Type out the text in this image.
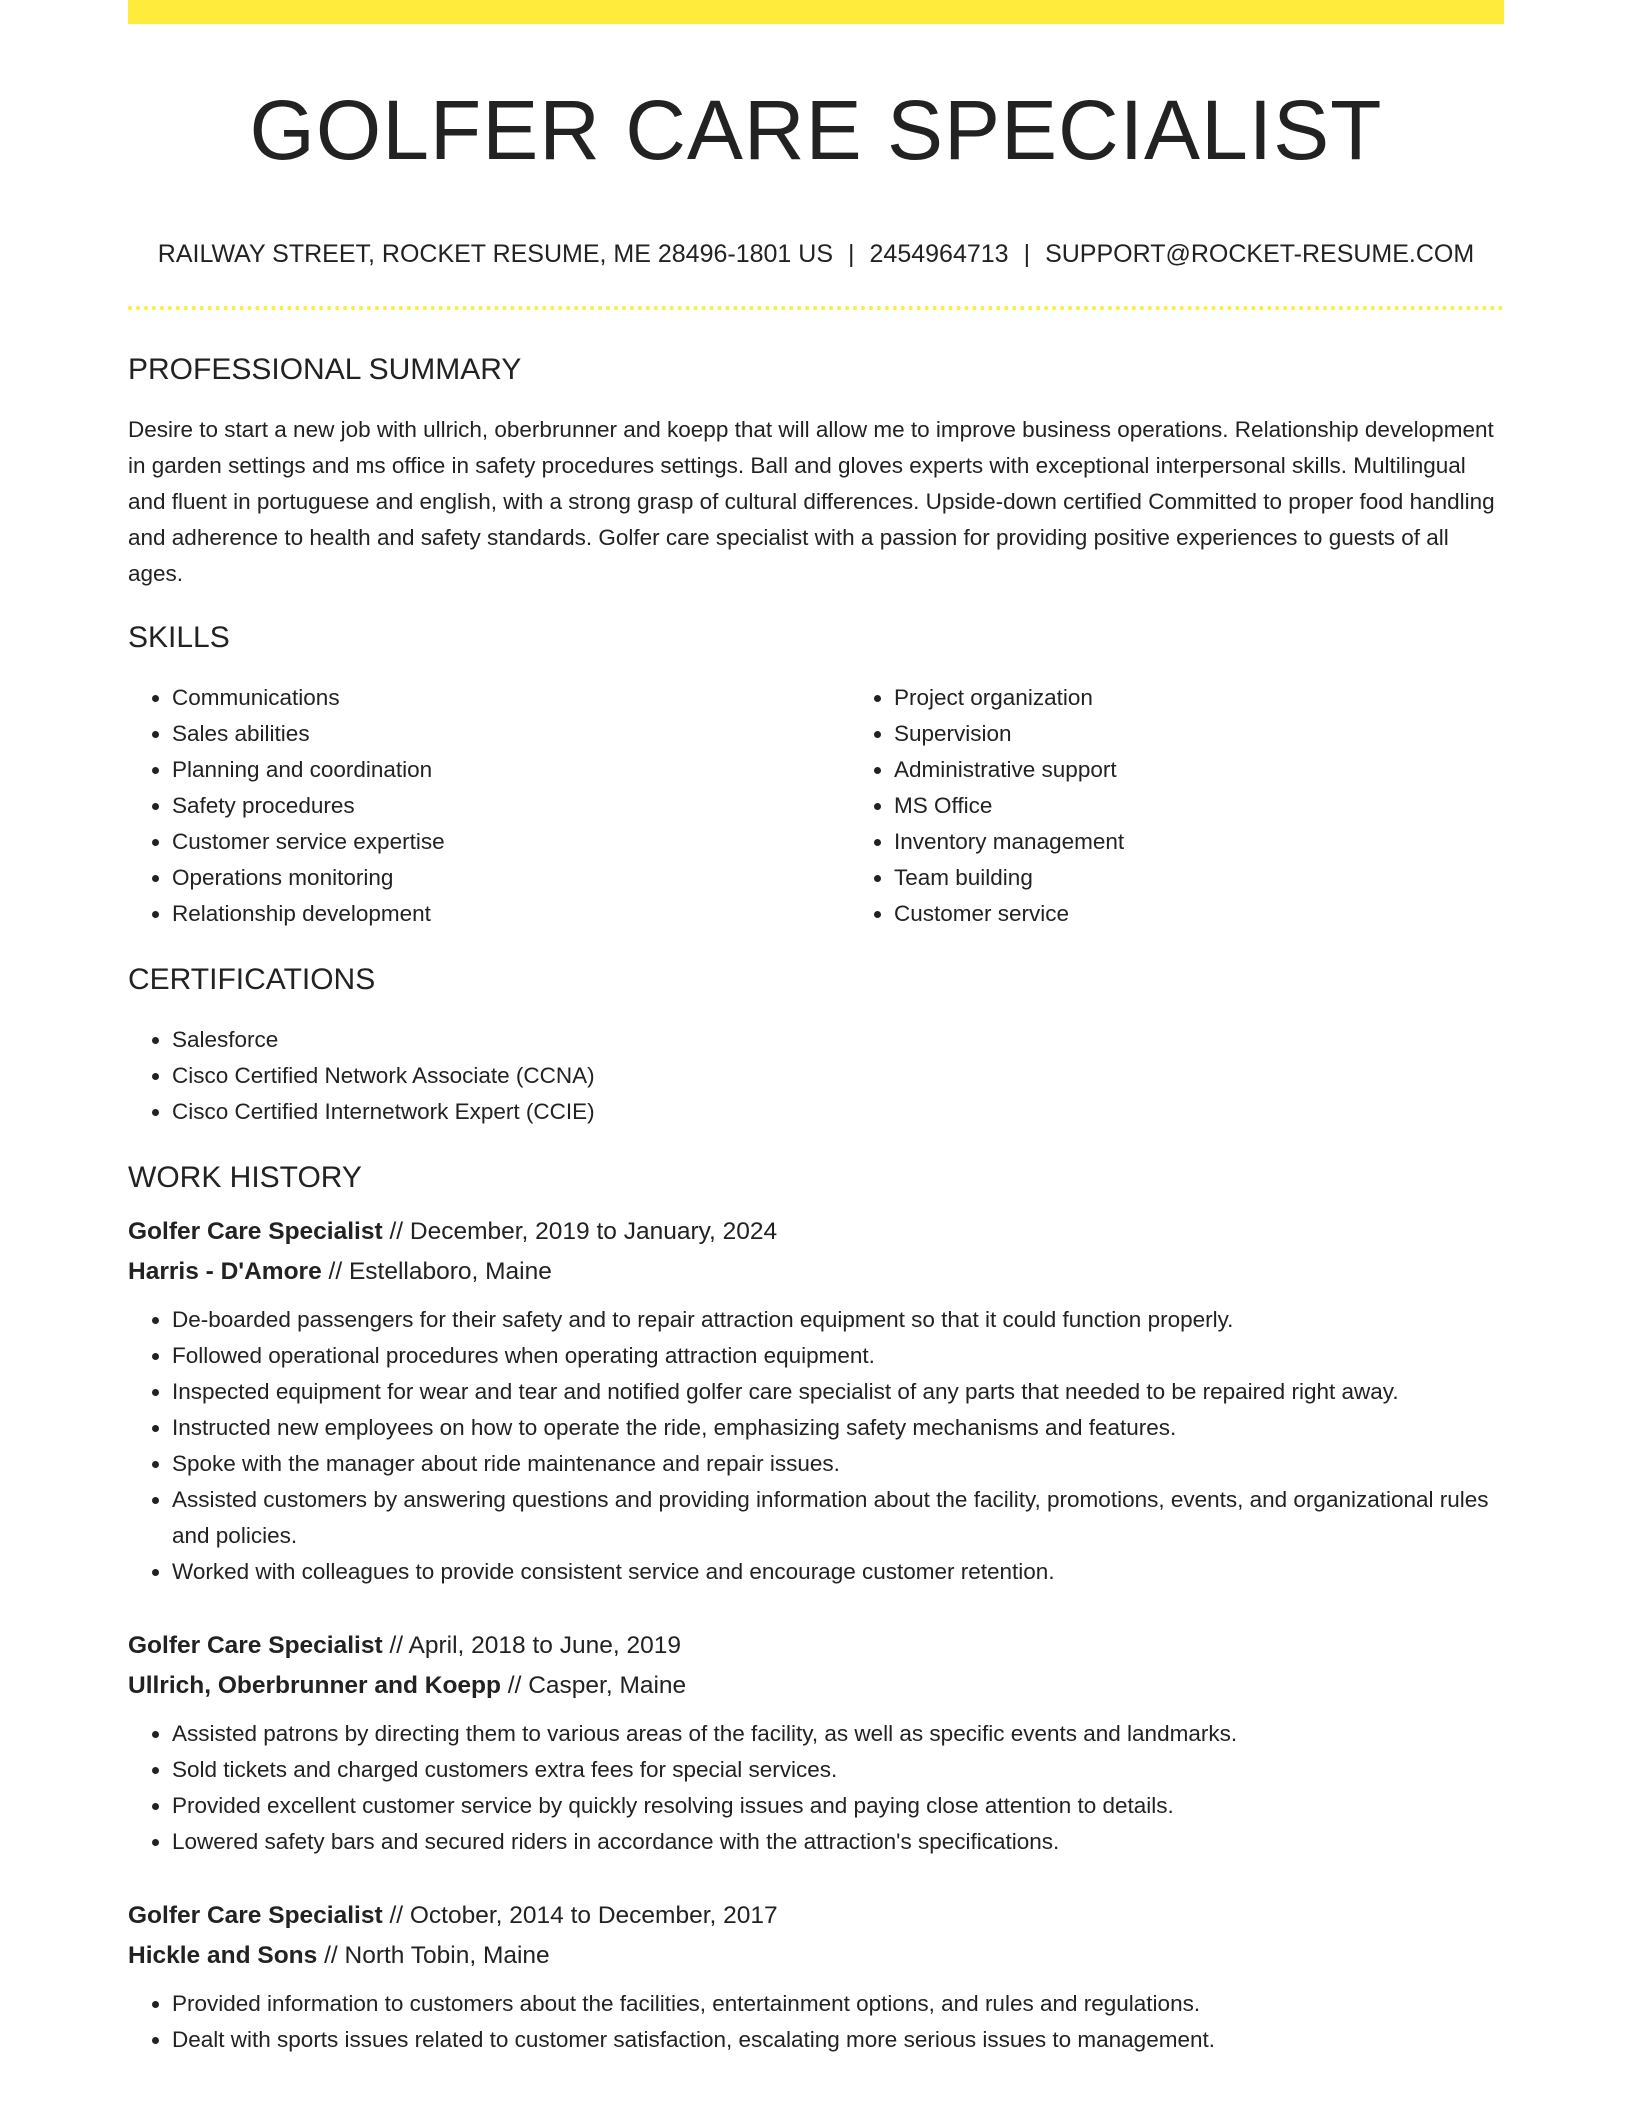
GOLFER CARE SPECIALIST
RAILWAY STREET, ROCKET RESUME, ME 28496-1801 US | 2454964713 | SUPPORT@ROCKET-RESUME.COM
PROFESSIONAL SUMMARY

Desire to start a new job with ullrich, oberbrunner and koepp that will allow me to improve business operations. Relationship development in garden settings and ms office in safety procedures settings. Ball and gloves experts with exceptional interpersonal skills. Multilingual and fluent in portuguese and english, with a strong grasp of cultural differences. Upside-down certified Committed to proper food handling and adherence to health and safety standards. Golfer care specialist with a passion for providing positive experiences to guests of all ages.

SKILLS
• Communications
• Sales abilities
• Planning and coordination
• Safety procedures
• Customer service expertise
• Operations monitoring
• Relationship development
• Project organization
• Supervision
• Administrative support
• MS Office
• Inventory management
• Team building
• Customer service
CERTIFICATIONS
• Salesforce
• Cisco Certified Network Associate (CCNA)
• Cisco Certified Internetwork Expert (CCIE)
WORK HISTORY
Golfer Care Specialist // December, 2019 to January, 2024
Harris - D'Amore // Estellaboro, Maine
• De-boarded passengers for their safety and to repair attraction equipment so that it could function properly.
• Followed operational procedures when operating attraction equipment.
• Inspected equipment for wear and tear and notified golfer care specialist of any parts that needed to be repaired right away.
• Instructed new employees on how to operate the ride, emphasizing safety mechanisms and features.
• Spoke with the manager about ride maintenance and repair issues.
• Assisted customers by answering questions and providing information about the facility, promotions, events, and organizational rules and policies.
• Worked with colleagues to provide consistent service and encourage customer retention.
Golfer Care Specialist // April, 2018 to June, 2019
Ullrich, Oberbrunner and Koepp // Casper, Maine
• Assisted patrons by directing them to various areas of the facility, as well as specific events and landmarks.
• Sold tickets and charged customers extra fees for special services.
• Provided excellent customer service by quickly resolving issues and paying close attention to details.
• Lowered safety bars and secured riders in accordance with the attraction's specifications.
Golfer Care Specialist // October, 2014 to December, 2017
Hickle and Sons // North Tobin, Maine
• Provided information to customers about the facilities, entertainment options, and rules and regulations.
• Dealt with sports issues related to customer satisfaction, escalating more serious issues to management.
